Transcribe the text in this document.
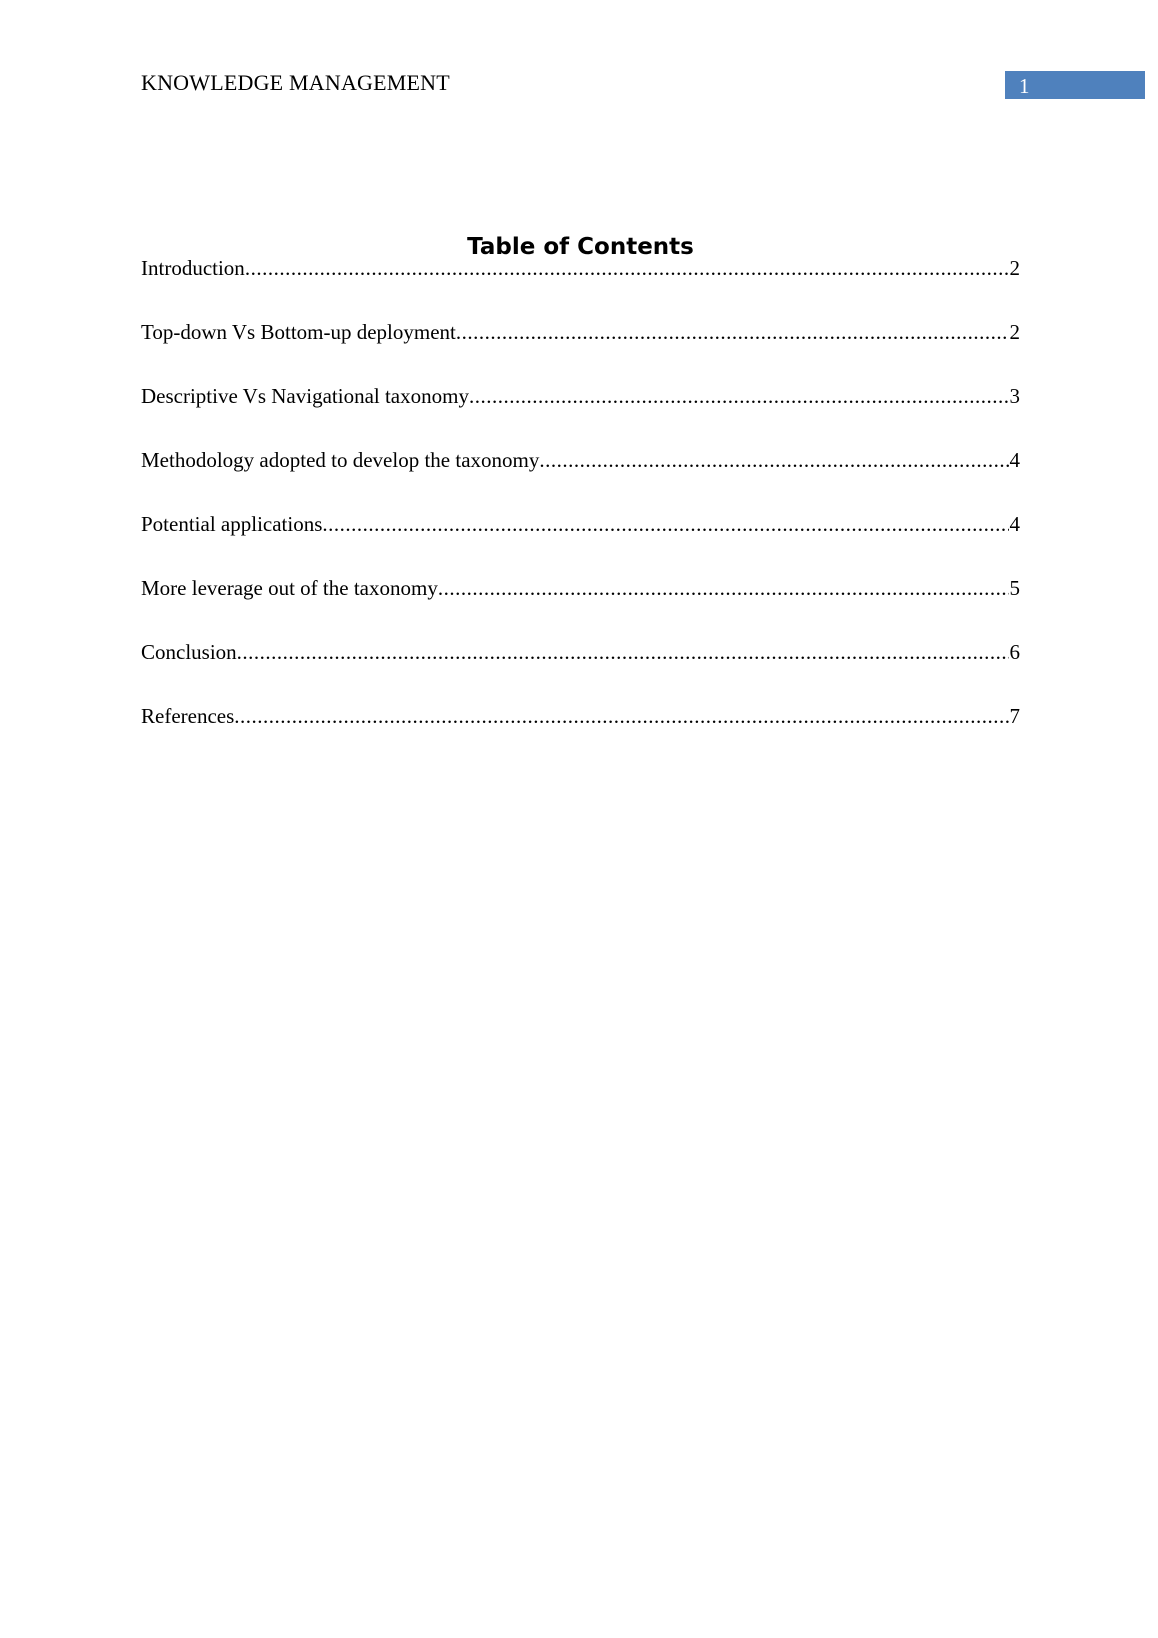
KNOWLEDGE MANAGEMENT	1
Table of Contents
Introduction .....	2
Top-down Vs Bottom-up deployment .....	2
Descriptive Vs Navigational taxonomy .....	3
Methodology adopted to develop the taxonomy .....	4
Potential applications .....	4
More leverage out of the taxonomy .....	5
Conclusion .....	6
References .....	7
